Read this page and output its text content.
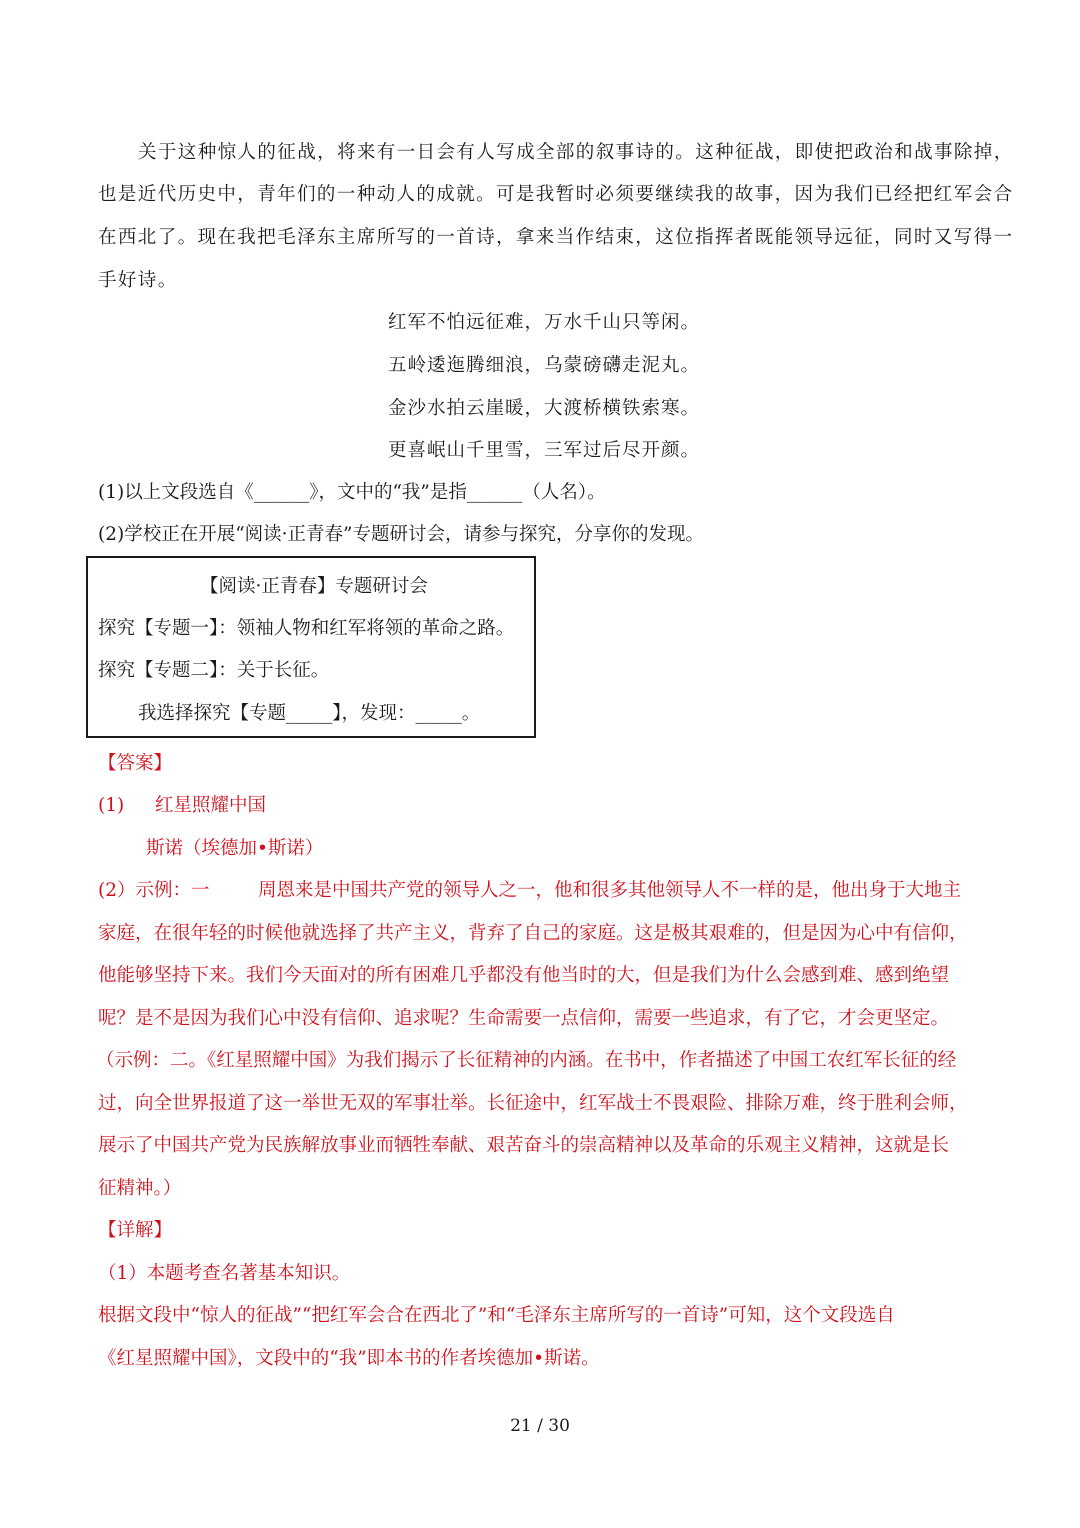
关于这种惊人的征战，将来有一日会有人写成全部的叙事诗的。这种征战，即使把政治和战事除掉，
也是近代历史中，青年们的一种动人的成就。可是我暂时必须要继续我的故事，因为我们已经把红军会合
在西北了。现在我把毛泽东主席所写的一首诗，拿来当作结束，这位指挥者既能领导远征，同时又写得一
手好诗。
红军不怕远征难，万水千山只等闲。
五岭逶迤腾细浪，乌蒙磅礴走泥丸。
金沙水拍云崖暖，大渡桥横铁索寒。
更喜岷山千里雪，三军过后尽开颜。
(1)以上文段选自《______》，文中的“我”是指______（人名）。
(2)学校正在开展“阅读·正青春”专题研讨会，请参与探究，分享你的发现。
【阅读·正青春】专题研讨会
探究【专题一】：领袖人物和红军将领的革命之路。
探究【专题二】：关于长征。
我选择探究【专题_____】，发现：_____。
【答案】
(1) 红星照耀中国
斯诺（埃德加•斯诺）
(2）示例：一	周恩来是中国共产党的领导人之一，他和很多其他领导人不一样的是，他出身于大地主
家庭，在很年轻的时候他就选择了共产主义，背弃了自己的家庭。这是极其艰难的，但是因为心中有信仰，
他能够坚持下来。我们今天面对的所有困难几乎都没有他当时的大，但是我们为什么会感到难、感到绝望
呢？是不是因为我们心中没有信仰、追求呢？生命需要一点信仰，需要一些追求，有了它，才会更坚定。
（示例：二。《红星照耀中国》为我们揭示了长征精神的内涵。在书中，作者描述了中国工农红军长征的经
过，向全世界报道了这一举世无双的军事壮举。长征途中，红军战士不畏艰险、排除万难，终于胜利会师，
展示了中国共产党为民族解放事业而牺牲奉献、艰苦奋斗的崇高精神以及革命的乐观主义精神，这就是长
征精神。）
【详解】
（1）本题考查名著基本知识。
根据文段中“惊人的征战”“把红军会合在西北了”和“毛泽东主席所写的一首诗”可知，这个文段选自
《红星照耀中国》，文段中的“我”即本书的作者埃德加•斯诺。
21 / 30
